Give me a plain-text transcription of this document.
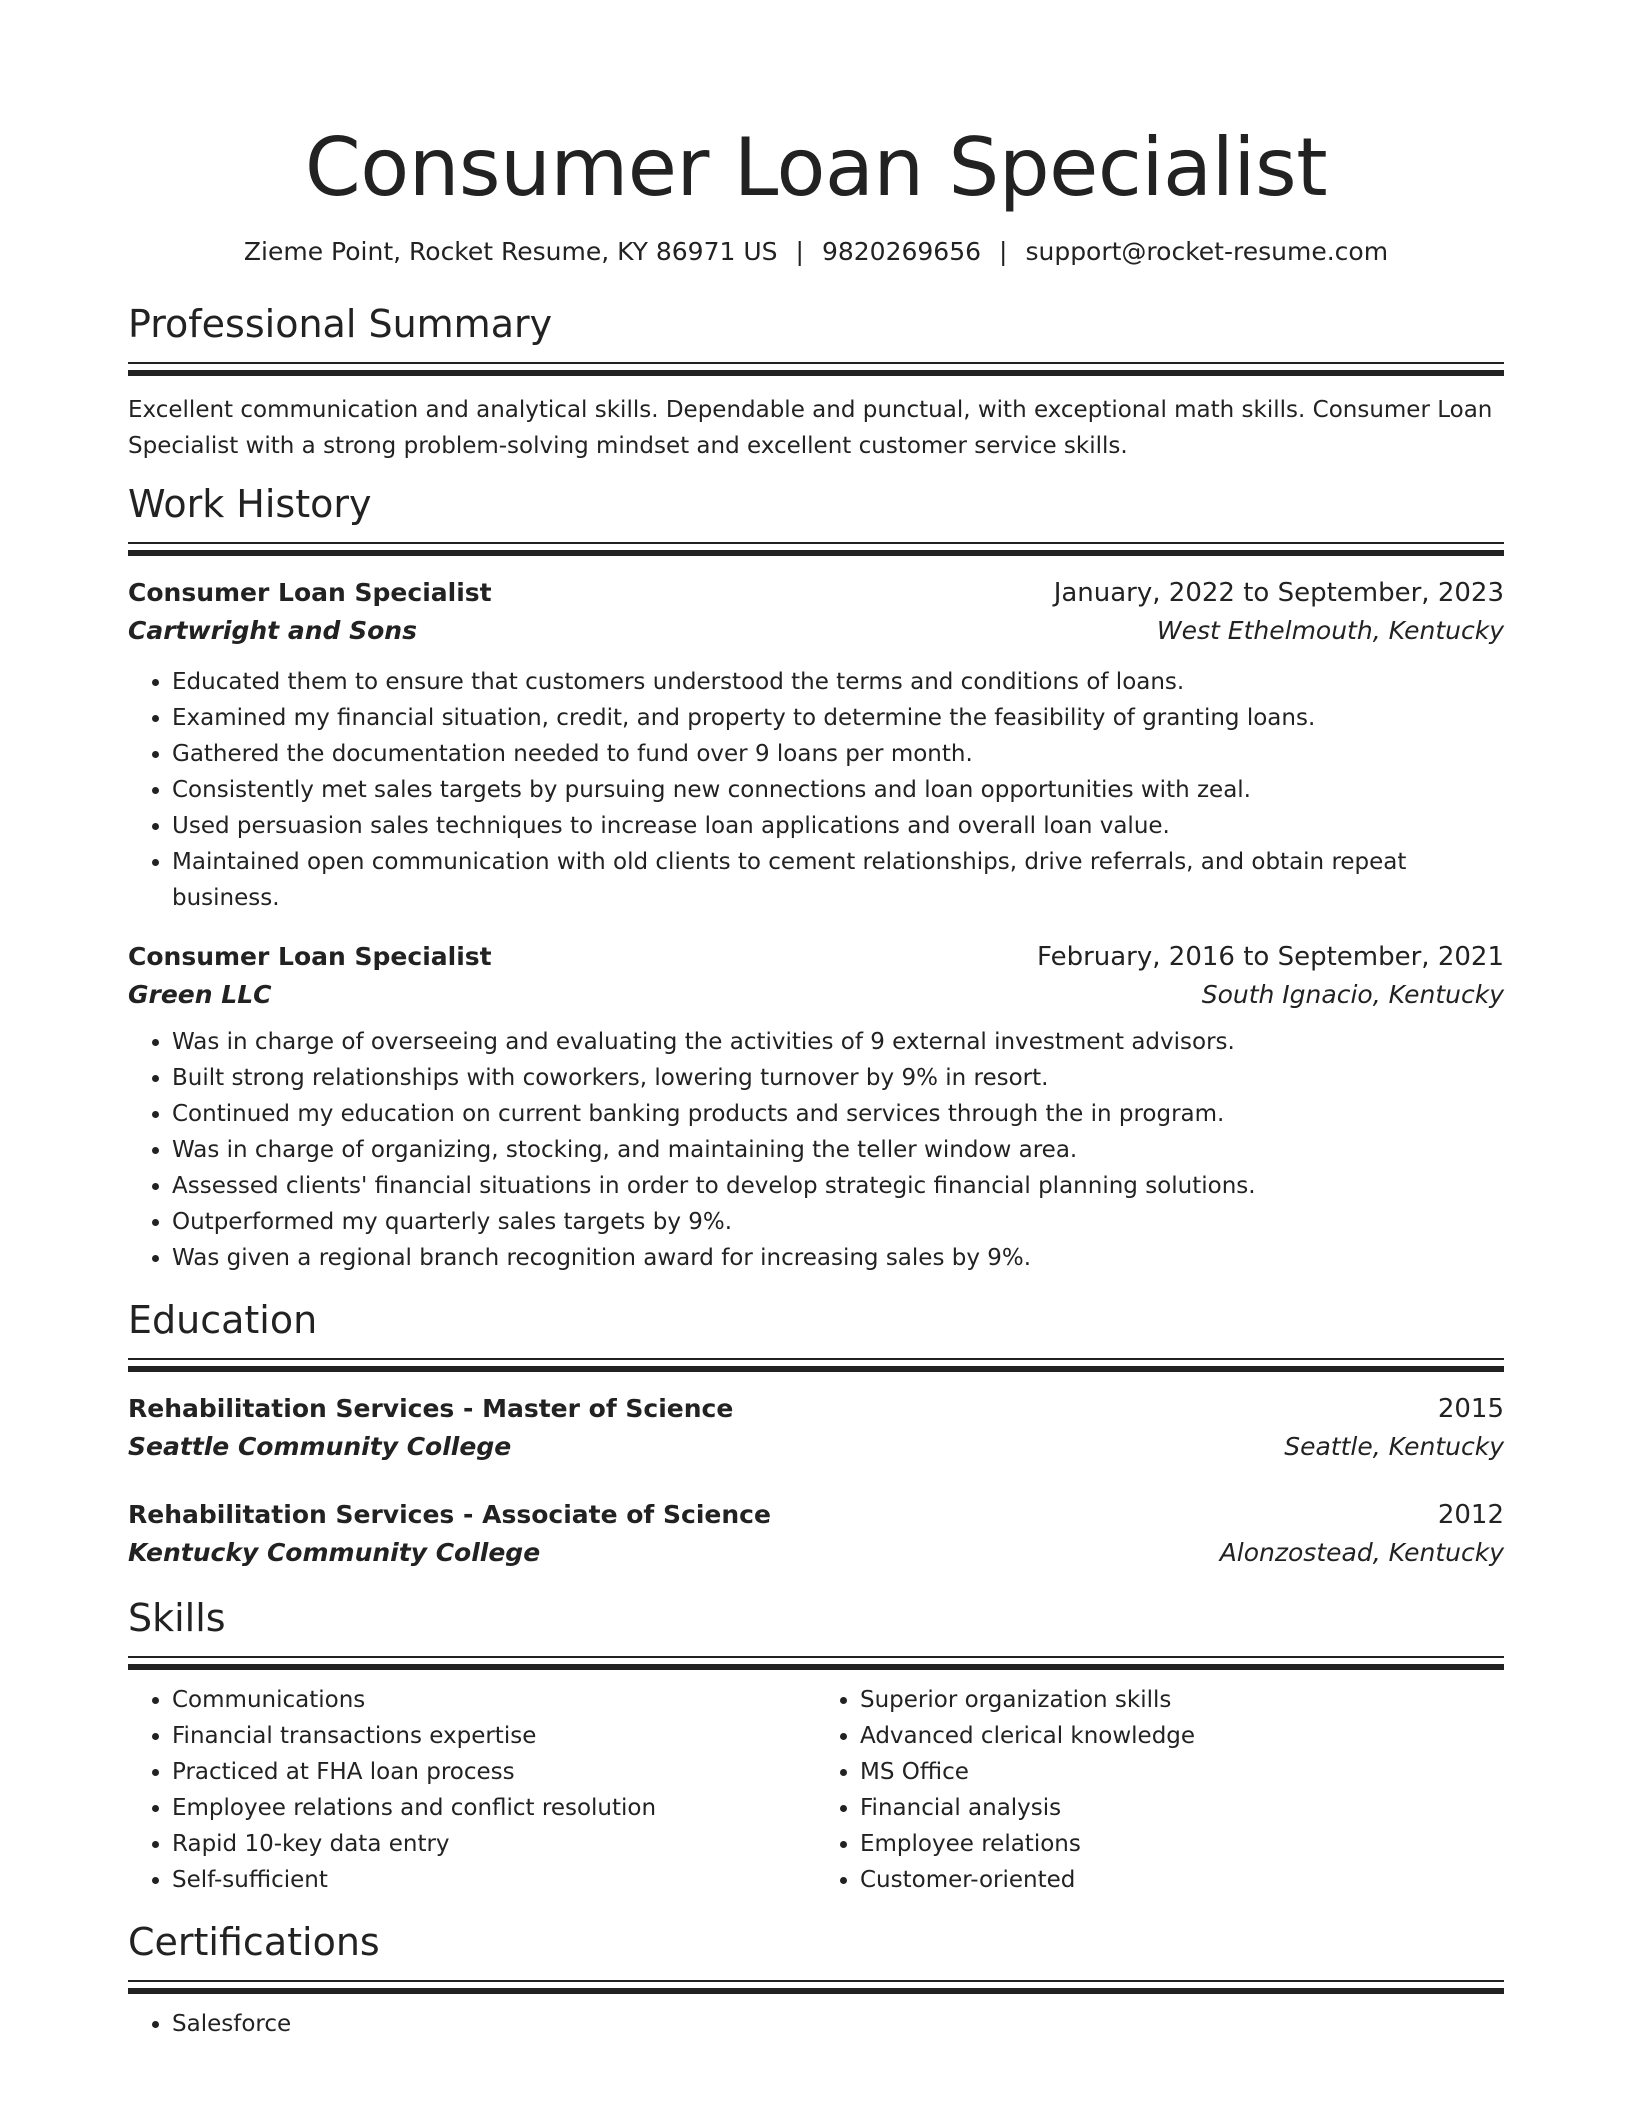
Consumer Loan Specialist
Zieme Point, Rocket Resume, KY 86971 US | 9820269656 | support@rocket-resume.com
Professional Summary
Excellent communication and analytical skills. Dependable and punctual, with exceptional math skills. Consumer Loan Specialist with a strong problem-solving mindset and excellent customer service skills.
Work History
Consumer Loan Specialist	January, 2022 to September, 2023
Cartwright and Sons	West Ethelmouth, Kentucky
• Educated them to ensure that customers understood the terms and conditions of loans.
• Examined my financial situation, credit, and property to determine the feasibility of granting loans.
• Gathered the documentation needed to fund over 9 loans per month.
• Consistently met sales targets by pursuing new connections and loan opportunities with zeal.
• Used persuasion sales techniques to increase loan applications and overall loan value.
• Maintained open communication with old clients to cement relationships, drive referrals, and obtain repeat business.
Consumer Loan Specialist	February, 2016 to September, 2021
Green LLC	South Ignacio, Kentucky
• Was in charge of overseeing and evaluating the activities of 9 external investment advisors.
• Built strong relationships with coworkers, lowering turnover by 9% in resort.
• Continued my education on current banking products and services through the in program.
• Was in charge of organizing, stocking, and maintaining the teller window area.
• Assessed clients' financial situations in order to develop strategic financial planning solutions.
• Outperformed my quarterly sales targets by 9%.
• Was given a regional branch recognition award for increasing sales by 9%.
Education
Rehabilitation Services - Master of Science	2015
Seattle Community College	Seattle, Kentucky
Rehabilitation Services - Associate of Science	2012
Kentucky Community College	Alonzostead, Kentucky
Skills
• Communications
• Financial transactions expertise
• Practiced at FHA loan process
• Employee relations and conflict resolution
• Rapid 10-key data entry
• Self-sufficient
• Superior organization skills
• Advanced clerical knowledge
• MS Office
• Financial analysis
• Employee relations
• Customer-oriented
Certifications
• Salesforce
